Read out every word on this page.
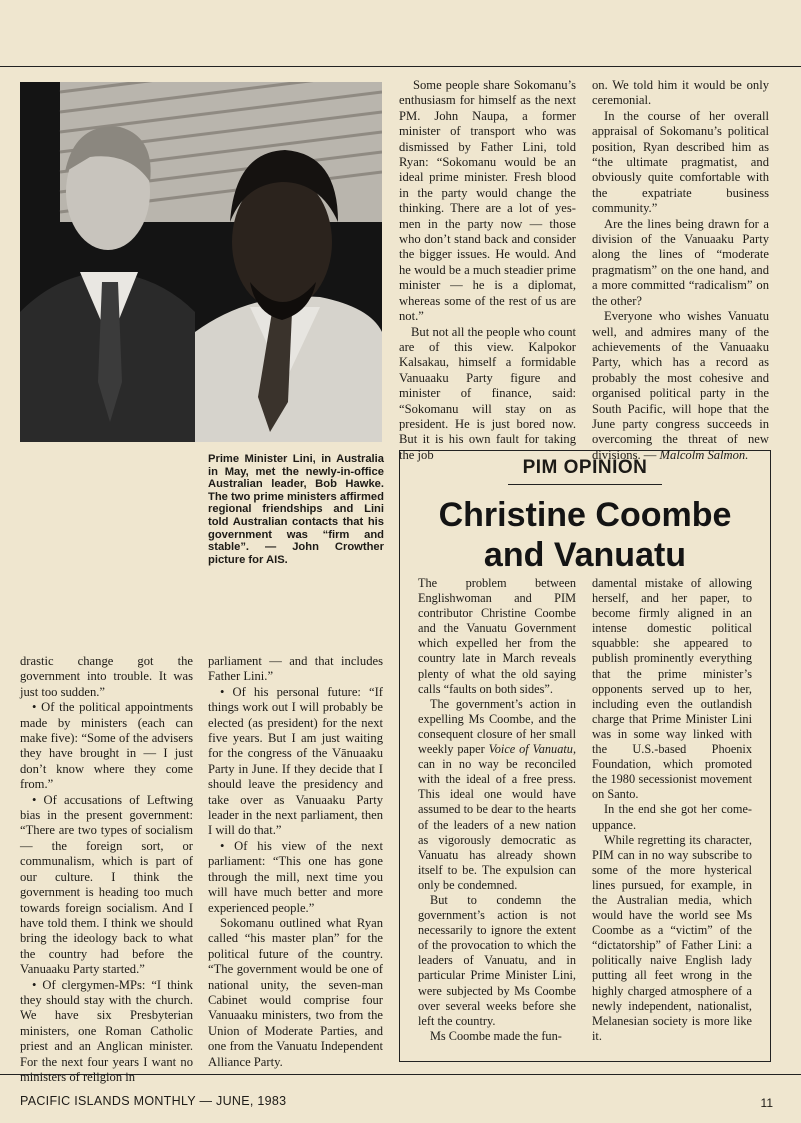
Prime Minister Lini, in Australia in May, met the newly-in-office Australian leader, Bob Hawke. The two prime ministers affirmed regional friendships and Lini told Australian contacts that his government was “firm and stable”. — John Crowther picture for AIS.

Some people share Sokomanu’s enthusiasm for himself as the next PM. John Naupa, a former minister of transport who was dismissed by Father Lini, told Ryan: “Sokomanu would be an ideal prime minister. Fresh blood in the party would change the thinking. There are a lot of yes-men in the party now — those who don’t stand back and consider the bigger issues. He would. And he would be a much steadier prime minister — he is a diplomat, whereas some of the rest of us are not.”

But not all the people who count are of this view. Kalpokor Kalsakau, himself a formidable Vanuaaku Party figure and minister of finance, said: “Sokomanu will stay on as president. He is just bored now. But it is his own fault for taking the job

on. We told him it would be only ceremonial.

In the course of her overall appraisal of Sokomanu’s political position, Ryan described him as “the ultimate pragmatist, and obviously quite comfortable with the expatriate business community.”

Are the lines being drawn for a division of the Vanuaaku Party along the lines of “moderate pragmatism” on the one hand, and a more committed “radicalism” on the other?

Everyone who wishes Vanuatu well, and admires many of the achievements of the Vanuaaku Party, which has a record as probably the most cohesive and organised political party in the South Pacific, will hope that the June party congress succeeds in overcoming the threat of new divisions. — Malcolm Salmon.

drastic change got the government into trouble. It was just too sudden.”

• Of the political appointments made by ministers (each can make five): “Some of the advisers they have brought in — I just don’t know where they come from.”

• Of accusations of Leftwing bias in the present government: “There are two types of socialism — the foreign sort, or communalism, which is part of our culture. I think the government is heading too much towards foreign socialism. And I have told them. I think we should bring the ideology back to what the country had before the Vanuaaku Party started.”

• Of clergymen-MPs: “I think they should stay with the church. We have six Presbyterian ministers, one Roman Catholic priest and an Anglican minister. For the next four years I want no ministers of religion in

parliament — and that includes Father Lini.”

• Of his personal future: “If things work out I will probably be elected (as president) for the next five years. But I am just waiting for the congress of the Vānuaaku Party in June. If they decide that I should leave the presidency and take over as Vanuaaku Party leader in the next parliament, then I will do that.”

• Of his view of the next parliament: “This one has gone through the mill, next time you will have much better and more experienced people.”

Sokomanu outlined what Ryan called “his master plan” for the political future of the country. “The government would be one of national unity, the seven-man Cabinet would comprise four Vanuaaku ministers, two from the Union of Moderate Parties, and one from the Vanuatu Independent Alliance Party.

PIM OPINION
Christine Coombe
and Vanuatu

The problem between Englishwoman and PIM contributor Christine Coombe and the Vanuatu Government which expelled her from the country late in March reveals plenty of what the old saying calls “faults on both sides”.

The government’s action in expelling Ms Coombe, and the consequent closure of her small weekly paper Voice of Vanuatu, can in no way be reconciled with the ideal of a free press. This ideal one would have assumed to be dear to the hearts of the leaders of a new nation as vigorously democratic as Vanuatu has already shown itself to be. The expulsion can only be condemned.

But to condemn the government’s action is not necessarily to ignore the extent of the provocation to which the leaders of Vanuatu, and in particular Prime Minister Lini, were subjected by Ms Coombe over several weeks before she left the country.

Ms Coombe made the fun-

damental mistake of allowing herself, and her paper, to become firmly aligned in an intense domestic political squabble: she appeared to publish prominently everything that the prime minister’s opponents served up to her, including even the outlandish charge that Prime Minister Lini was in some way linked with the U.S.-based Phoenix Foundation, which promoted the 1980 secessionist movement on Santo.

In the end she got her come-uppance.

While regretting its character, PIM can in no way subscribe to some of the more hysterical lines pursued, for example, in the Australian media, which would have the world see Ms Coombe as a “victim” of the “dictatorship” of Father Lini: a politically naive English lady putting all feet wrong in the highly charged atmosphere of a newly independent, nationalist, Melanesian society is more like it.

PACIFIC ISLANDS MONTHLY — JUNE, 1983	11
